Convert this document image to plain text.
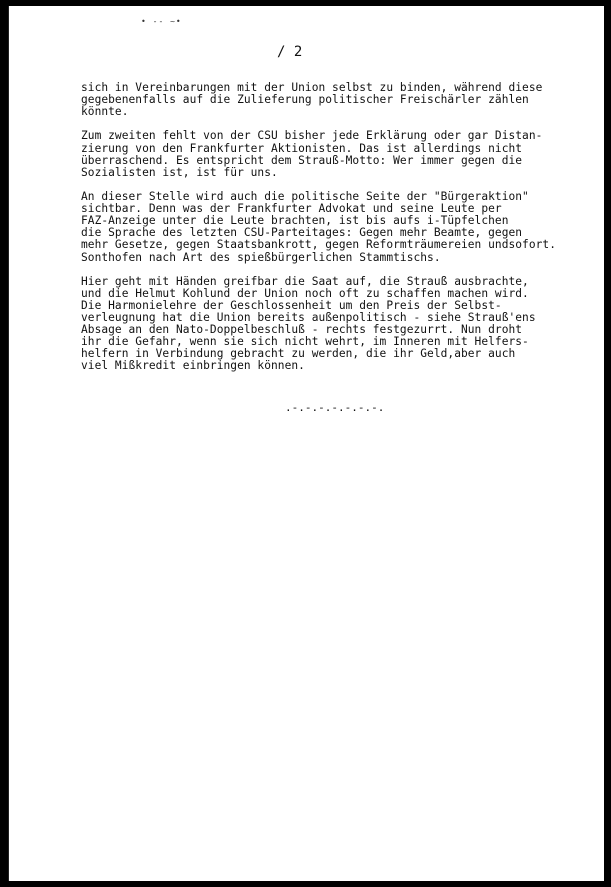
• -- ~•
/ 2

sich in Vereinbarungen mit der Union selbst zu binden, während diese
gegebenenfalls auf die Zulieferung politischer Freischärler zählen
könnte.

Zum zweiten fehlt von der CSU bisher jede Erklärung oder gar Distan-
zierung von den Frankfurter Aktionisten. Das ist allerdings nicht
überraschend. Es entspricht dem Strauß-Motto: Wer immer gegen die
Sozialisten ist, ist für uns.

An dieser Stelle wird auch die politische Seite der "Bürgeraktion"
sichtbar. Denn was der Frankfurter Advokat und seine Leute per
FAZ-Anzeige unter die Leute brachten, ist bis aufs i-Tüpfelchen
die Sprache des letzten CSU-Parteitages: Gegen mehr Beamte, gegen
mehr Gesetze, gegen Staatsbankrott, gegen Reformträumereien undsofort.
Sonthofen nach Art des spießbürgerlichen Stammtischs.

Hier geht mit Händen greifbar die Saat auf, die Strauß ausbrachte,
und die Helmut Kohlund der Union noch oft zu schaffen machen wird.
Die Harmonielehre der Geschlossenheit um den Preis der Selbst-
verleugnung hat die Union bereits außenpolitisch - siehe Strauß'ens
Absage an den Nato-Doppelbeschluß - rechts festgezurrt. Nun droht
ihr die Gefahr, wenn sie sich nicht wehrt, im Inneren mit Helfers-
helfern in Verbindung gebracht zu werden, die ihr Geld,aber auch
viel Mißkredit einbringen können.

.-.-.-.-.-.-.-.
